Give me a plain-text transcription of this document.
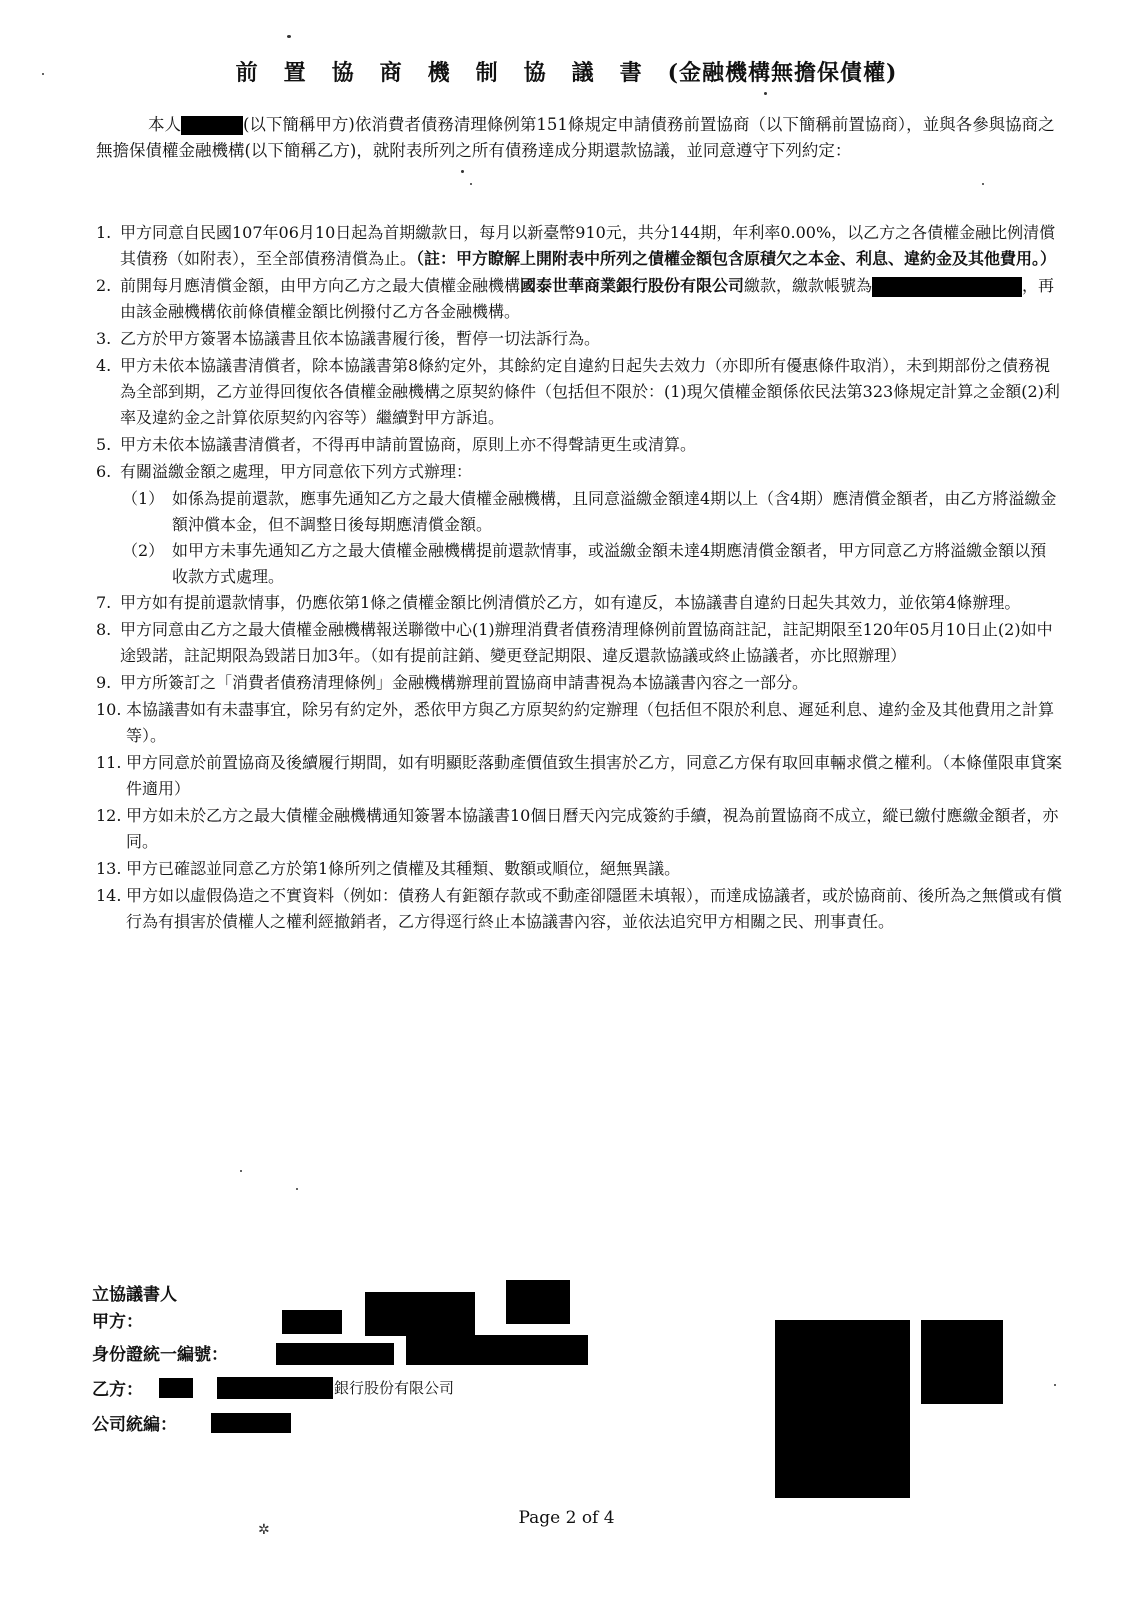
前置協商機制協議書(金融機構無擔保債權)
本人	(以下簡稱甲方)依消費者債務清理條例第151條規定申請債務前置協商（以下簡稱前置協商），並與各參與協商之無擔保債權金融機構(以下簡稱乙方)，就附表所列之所有債務達成分期還款協議，並同意遵守下列約定：
1. 甲方同意自民國107年06月10日起為首期繳款日，每月以新臺幣910元，共分144期，年利率0.00%，以乙方之各債權金融比例清償其債務（如附表），至全部債務清償為止。（註：甲方瞭解上開附表中所列之債權金額包含原積欠之本金、利息、違約金及其他費用。）
2. 前開每月應清償金額，由甲方向乙方之最大債權金融機構國泰世華商業銀行股份有限公司繳款，繳款帳號為	，再由該金融機構依前條債權金額比例撥付乙方各金融機構。
3. 乙方於甲方簽署本協議書且依本協議書履行後，暫停一切法訴行為。
4. 甲方未依本協議書清償者，除本協議書第8條約定外，其餘約定自違約日起失去效力（亦即所有優惠條件取消），未到期部份之債務視為全部到期，乙方並得回復依各債權金融機構之原契約條件（包括但不限於：(1)現欠債權金額係依民法第323條規定計算之金額(2)利率及違約金之計算依原契約內容等）繼續對甲方訴追。
5. 甲方未依本協議書清償者，不得再申請前置協商，原則上亦不得聲請更生或清算。
6. 有關溢繳金額之處理，甲方同意依下列方式辦理：
（1） 如係為提前還款，應事先通知乙方之最大債權金融機構，且同意溢繳金額達4期以上（含4期）應清償金額者，由乙方將溢繳金額沖償本金，但不調整日後每期應清償金額。
（2） 如甲方未事先通知乙方之最大債權金融機構提前還款情事，或溢繳金額未達4期應清償金額者，甲方同意乙方將溢繳金額以預收款方式處理。
7. 甲方如有提前還款情事，仍應依第1條之債權金額比例清償於乙方，如有違反，本協議書自違約日起失其效力，並依第4條辦理。
8. 甲方同意由乙方之最大債權金融機構報送聯徵中心(1)辦理消費者債務清理條例前置協商註記，註記期限至120年05月10日止(2)如中途毀諾，註記期限為毀諾日加3年。（如有提前註銷、變更登記期限、違反還款協議或終止協議者，亦比照辦理）
9. 甲方所簽訂之「消費者債務清理條例」金融機構辦理前置協商申請書視為本協議書內容之一部分。
10. 本協議書如有未盡事宜，除另有約定外，悉依甲方與乙方原契約約定辦理（包括但不限於利息、遲延利息、違約金及其他費用之計算等）。
11. 甲方同意於前置協商及後續履行期間，如有明顯貶落動產價值致生損害於乙方，同意乙方保有取回車輛求償之權利。（本條僅限車貸案件適用）
12. 甲方如未於乙方之最大債權金融機構通知簽署本協議書10個日曆天內完成簽約手續，視為前置協商不成立，縱已繳付應繳金額者，亦同。
13. 甲方已確認並同意乙方於第1條所列之債權及其種類、數額或順位，絕無異議。
14. 甲方如以虛假偽造之不實資料（例如：債務人有鉅額存款或不動產卻隱匿未填報），而達成協議者，或於協商前、後所為之無償或有償行為有損害於債權人之權利經撤銷者，乙方得逕行終止本協議書內容，並依法追究甲方相關之民、刑事責任。
立協議書人
甲方：
身份證統一編號：
乙方：	銀行股份有限公司
公司統編：
Page 2 of 4
✲
